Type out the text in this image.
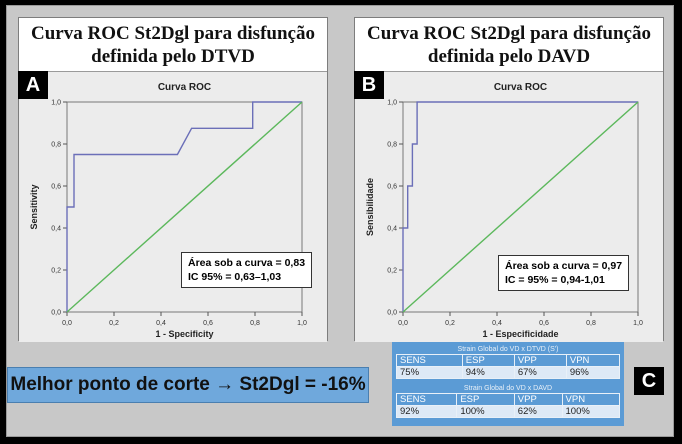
Curva ROC St2Dgl para disfunção definida pelo DTVD
Curva ROC
0,0
0,0
0,2
0,2
0,4
0,4
0,6
0,6
0,8
0,8
1,0
1,0
1 - Specificity
Sensitivity
A
Área sob a curva = 0,83
IC 95% = 0,63–1,03
Curva ROC St2Dgl para disfunção definida pelo DAVD
Curva ROC
0,0
0,0
0,2
0,2
0,4
0,4
0,6
0,6
0,8
0,8
1,0
1,0
1 - Especificidade
Sensibilidade
B
Área sob a curva = 0,97
IC = 95% = 0,94-1,01
Melhor ponto de corte → St2Dgl = -16%
Strain Global do VD x DTVD (S')
SENS	ESP	VPP	VPN
75%	94%	67%	96%
Strain Global do VD x DAVD
SENS	ESP	VPP	VPN
92%	100%	62%	100%
C
